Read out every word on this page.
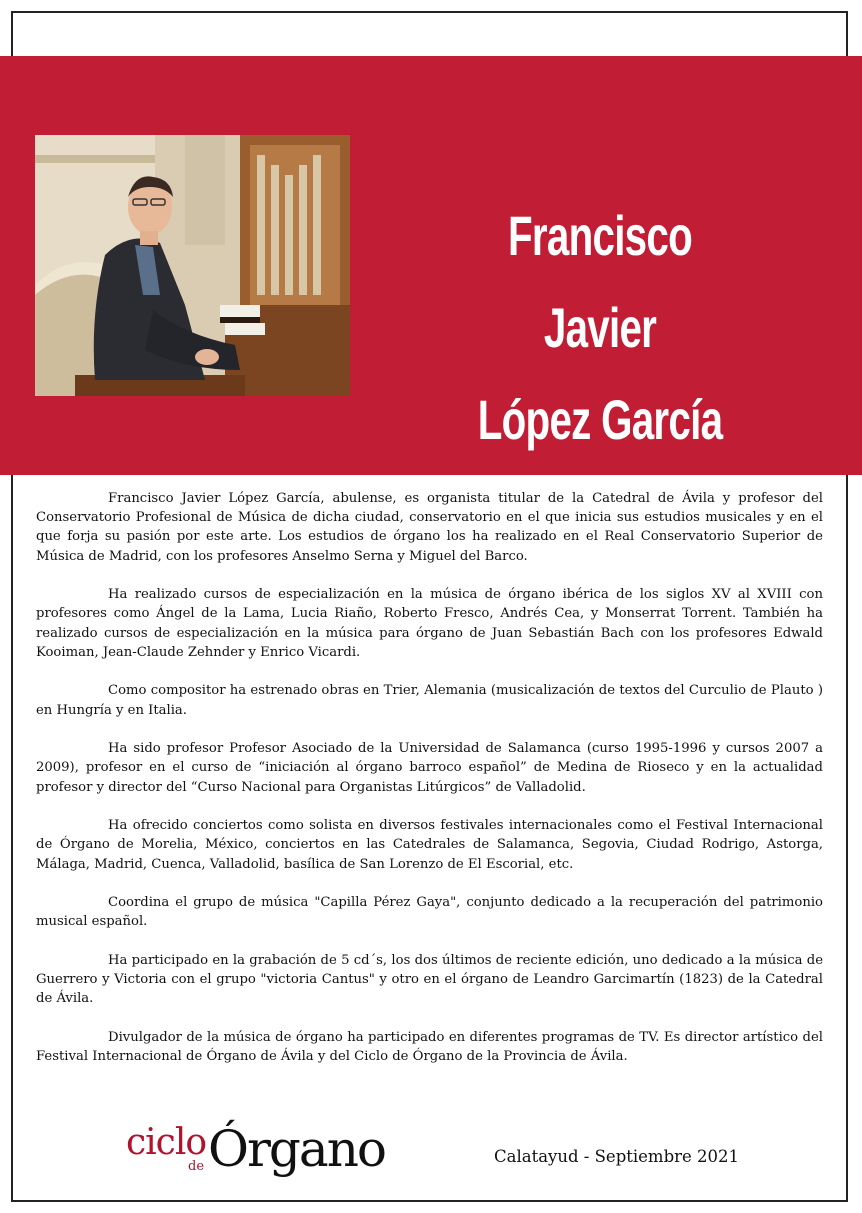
Francisco Javier
López García

Francisco Javier López García, abulense, es organista titular de la Catedral de Ávila y profesor del Conservatorio Profesional de Música de dicha ciudad, conservatorio en el que inicia sus estudios musicales y en el que forja su pasión por este arte. Los estudios de órgano los ha realizado en el Real Conservatorio Superior de Música de Madrid, con los profesores Anselmo Serna y Miguel del Barco.

Ha realizado cursos de especialización en la música de órgano ibérica de los siglos XV al XVIII con profesores como Ángel de la Lama, Lucia Riaño, Roberto Fresco, Andrés Cea, y Monserrat Torrent. También ha realizado cursos de especialización en la música para órgano de Juan Sebastián Bach con los profesores Edwald Kooiman, Jean-Claude Zehnder y Enrico Vicardi.

Como compositor ha estrenado obras en Trier, Alemania (musicalización de textos del Curculio de Plauto ) en Hungría y en Italia.

Ha sido profesor Profesor Asociado de la Universidad de Salamanca (curso 1995-1996 y cursos 2007 a 2009), profesor en el curso de “iniciación al órgano barroco español” de Medina de Rioseco y en la actualidad profesor y director del “Curso Nacional para Organistas Litúrgicos” de Valladolid.

Ha ofrecido conciertos como solista en diversos festivales internacionales como el Festival Internacional de Órgano de Morelia, México, conciertos en las Catedrales de Salamanca, Segovia, Ciudad Rodrigo, Astorga, Málaga, Madrid, Cuenca, Valladolid, basílica de San Lorenzo de El Escorial, etc.

Coordina el grupo de música "Capilla Pérez Gaya", conjunto dedicado a la recuperación del patrimonio musical español.

Ha participado en la grabación de 5 cd´s, los dos últimos de reciente edición, uno dedicado a la música de Guerrero y Victoria con el grupo "victoria Cantus" y otro en el órgano de Leandro Garcimartín (1823) de la Catedral de Ávila.

Divulgador de la música de órgano ha participado en diferentes programas de TV. Es director artístico del Festival Internacional de Órgano de Ávila y del Ciclo de Órgano de la Provincia de Ávila.

ciclo
de Órgano	Calatayud - Septiembre 2021
